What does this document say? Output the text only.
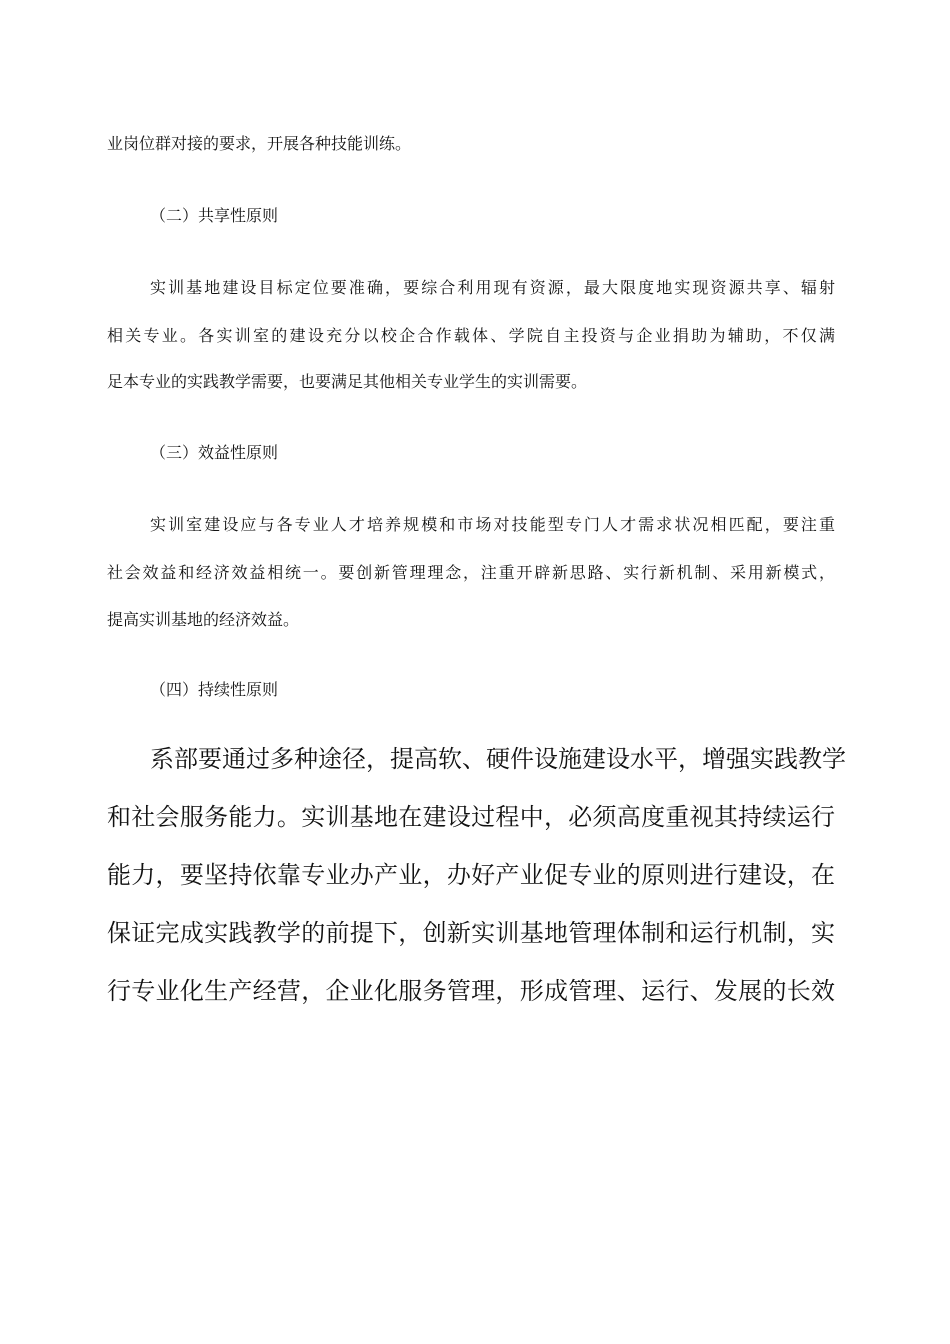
业岗位群对接的要求，开展各种技能训练。
（二）共享性原则
实训基地建设目标定位要准确，要综合利用现有资源，最大限度地实现资源共享、辐射
相关专业。各实训室的建设充分以校企合作载体、学院自主投资与企业捐助为辅助，不仅满
足本专业的实践教学需要，也要满足其他相关专业学生的实训需要。
（三）效益性原则
实训室建设应与各专业人才培养规模和市场对技能型专门人才需求状况相匹配，要注重
社会效益和经济效益相统一。要创新管理理念，注重开辟新思路、实行新机制、采用新模式，
提高实训基地的经济效益。
（四）持续性原则
系部要通过多种途径，提高软、硬件设施建设水平，增强实践教学
和社会服务能力。实训基地在建设过程中，必须高度重视其持续运行
能力，要坚持依靠专业办产业，办好产业促专业的原则进行建设，在
保证完成实践教学的前提下，创新实训基地管理体制和运行机制，实
行专业化生产经营，企业化服务管理，形成管理、运行、发展的长效
